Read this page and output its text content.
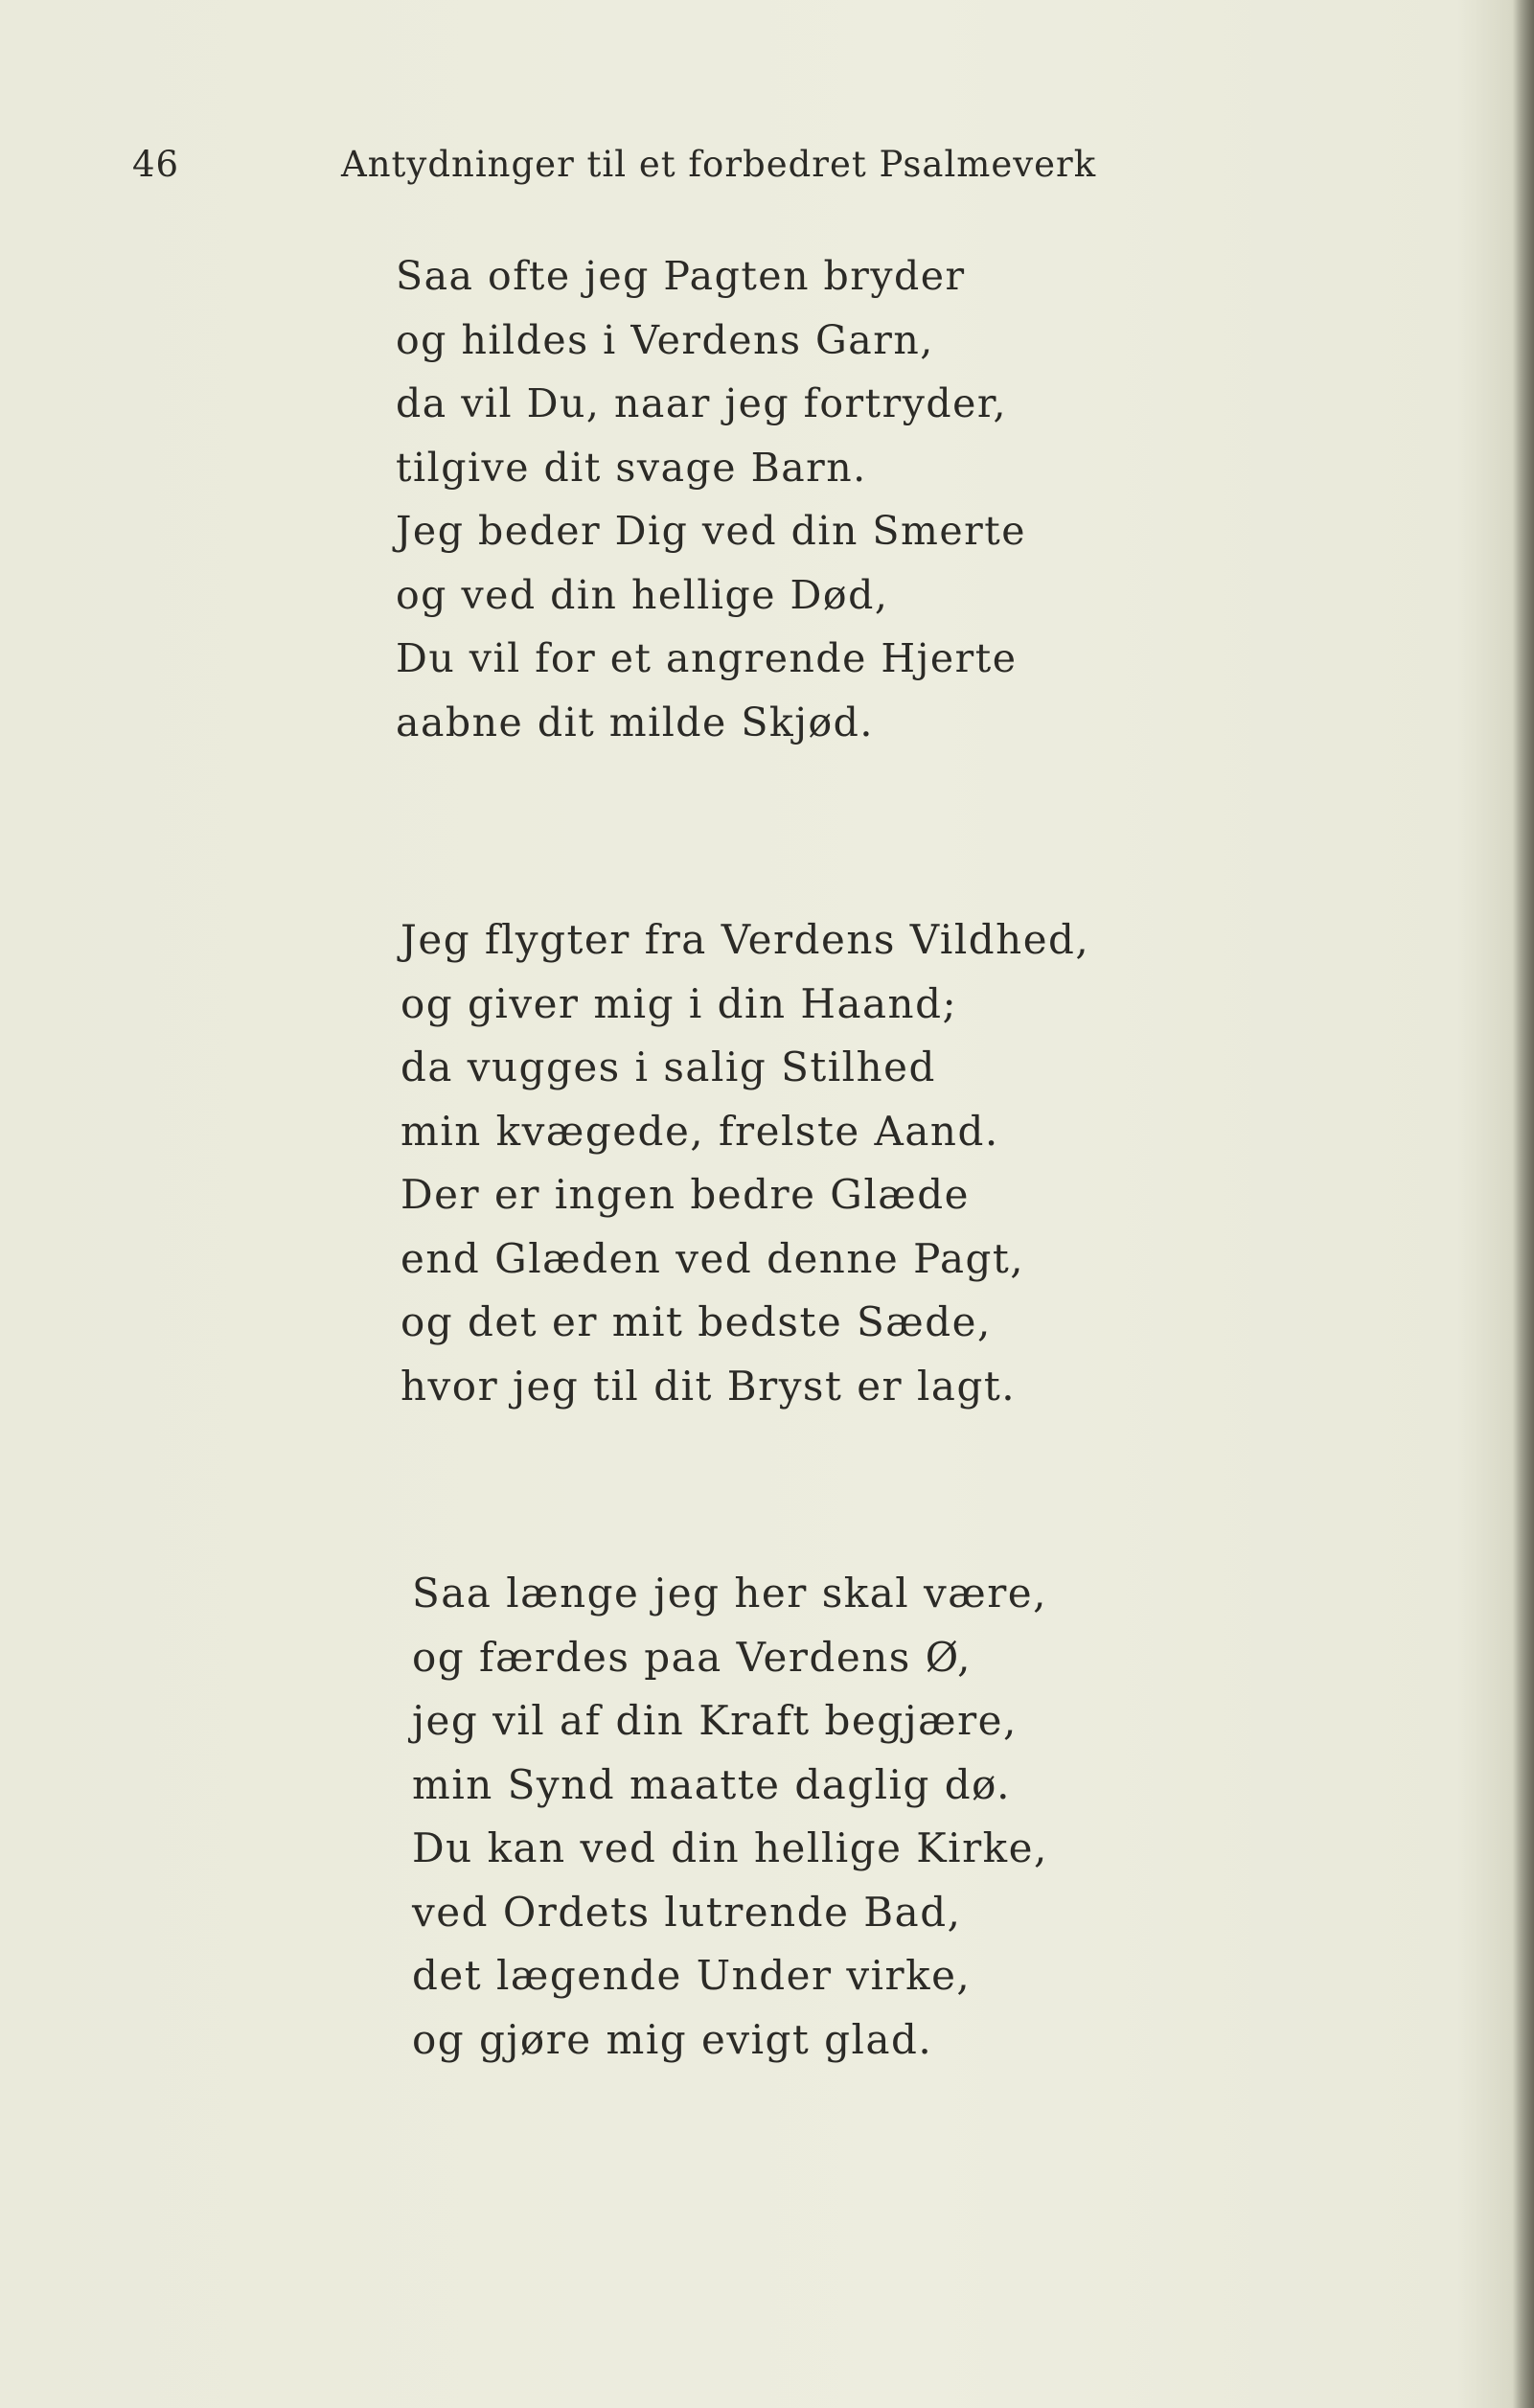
46	Antydninger til et forbedret Psalmeverk
Saa ofte jeg Pagten bryder
og hildes i Verdens Garn,
da vil Du, naar jeg fortryder,
tilgive dit svage Barn.
Jeg beder Dig ved din Smerte
og ved din hellige Død,
Du vil for et angrende Hjerte
aabne dit milde Skjød.
Jeg flygter fra Verdens Vildhed,
og giver mig i din Haand;
da vugges i salig Stilhed
min kvægede, frelste Aand.
Der er ingen bedre Glæde
end Glæden ved denne Pagt,
og det er mit bedste Sæde,
hvor jeg til dit Bryst er lagt.
Saa længe jeg her skal være,
og færdes paa Verdens Ø,
jeg vil af din Kraft begjære,
min Synd maatte daglig dø.
Du kan ved din hellige Kirke,
ved Ordets lutrende Bad,
det lægende Under virke,
og gjøre mig evigt glad.
